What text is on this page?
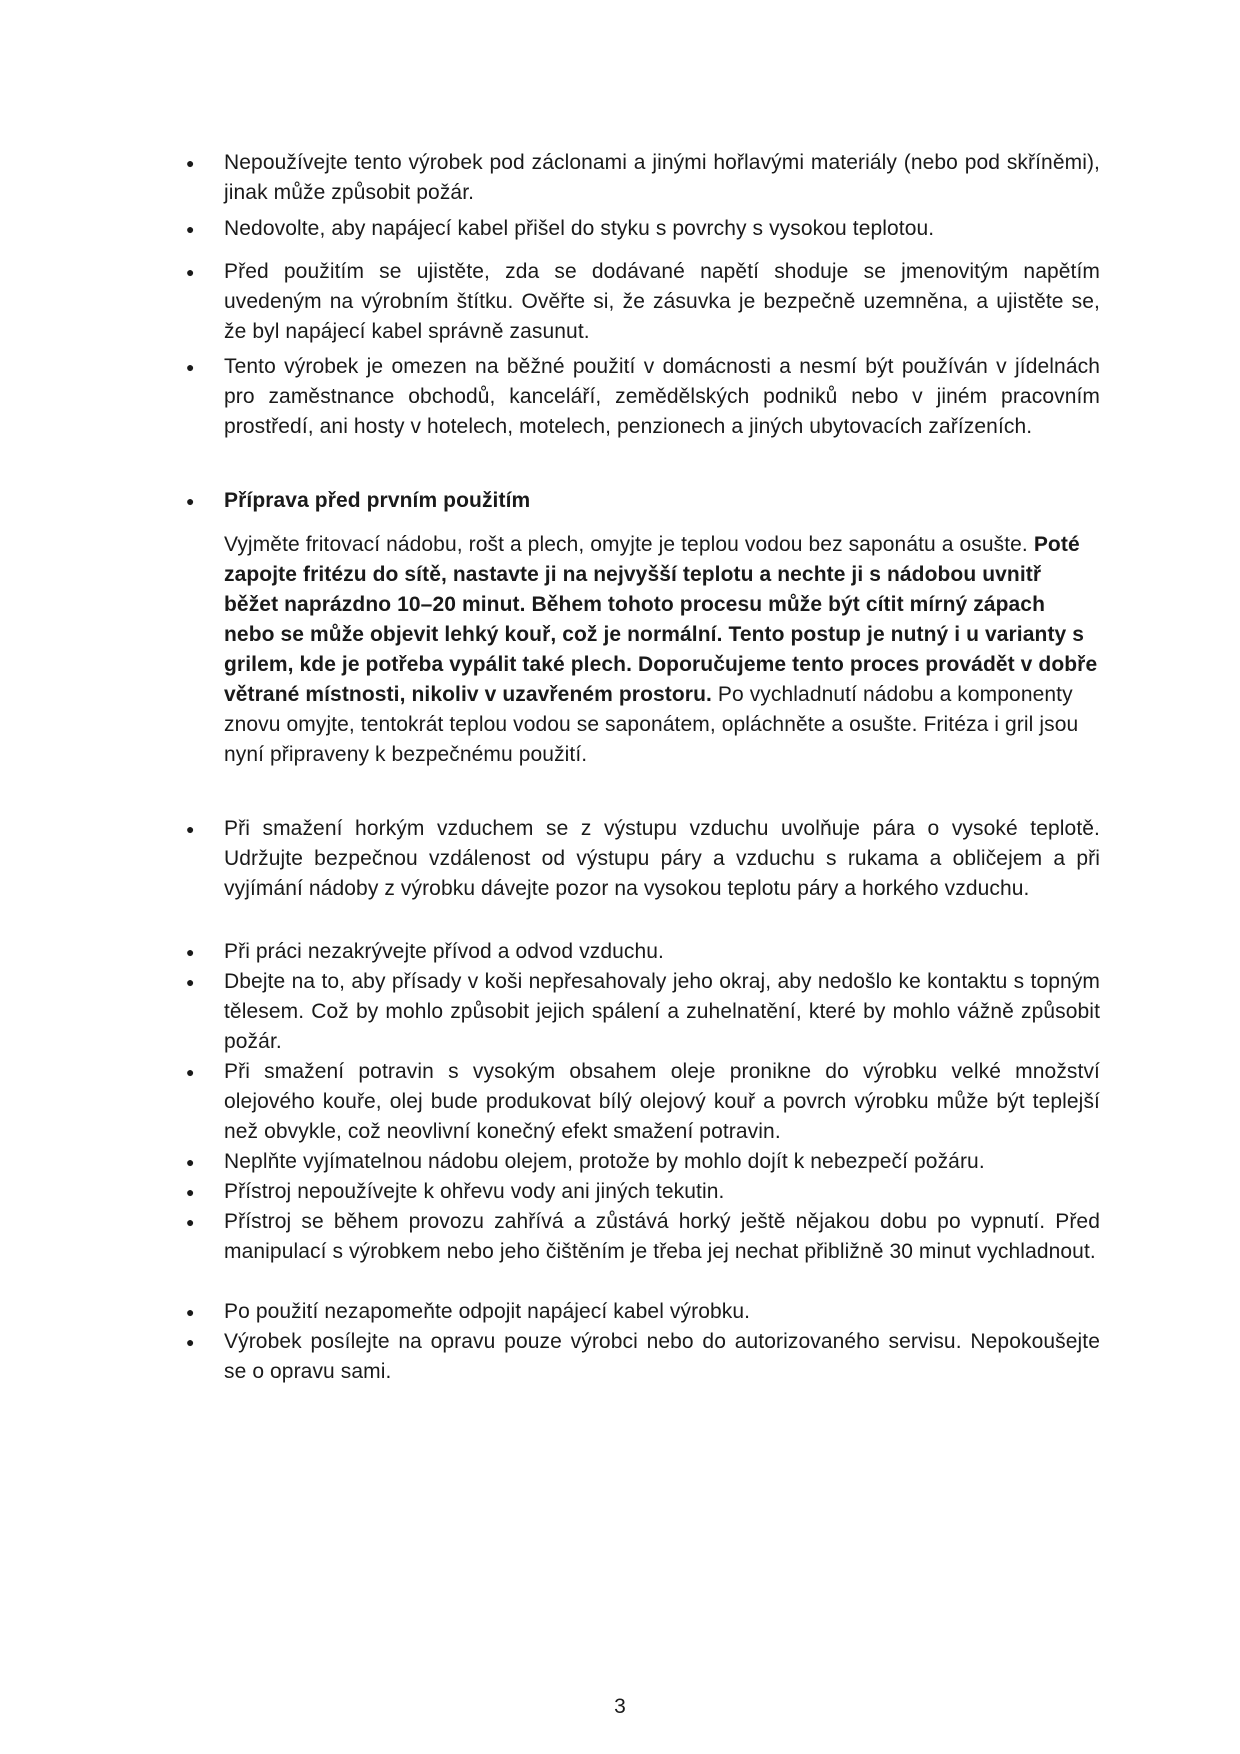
● Nepoužívejte tento výrobek pod záclonami a jinými hořlavými materiály (nebo pod skříněmi), jinak může způsobit požár.
● Nedovolte, aby napájecí kabel přišel do styku s povrchy s vysokou teplotou.
● Před použitím se ujistěte, zda se dodávané napětí shoduje se jmenovitým napětím uvedeným na výrobním štítku. Ověřte si, že zásuvka je bezpečně uzemněna, a ujistěte se, že byl napájecí kabel správně zasunut.
● Tento výrobek je omezen na běžné použití v domácnosti a nesmí být používán v jídelnách pro zaměstnance obchodů, kanceláří, zemědělských podniků nebo v jiném pracovním prostředí, ani hosty v hotelech, motelech, penzionech a jiných ubytovacích zařízeních.
● Příprava před prvním použitím
Vyjměte fritovací nádobu, rošt a plech, omyjte je teplou vodou bez saponátu a osušte. Poté zapojte fritézu do sítě, nastavte ji na nejvyšší teplotu a nechte ji s nádobou uvnitř běžet naprázdno 10–20 minut. Během tohoto procesu může být cítit mírný zápach nebo se může objevit lehký kouř, což je normální. Tento postup je nutný i u varianty s grilem, kde je potřeba vypálit také plech. Doporučujeme tento proces provádět v dobře větrané místnosti, nikoliv v uzavřeném prostoru. Po vychladnutí nádobu a komponenty znovu omyjte, tentokrát teplou vodou se saponátem, opláchněte a osušte. Fritéza i gril jsou nyní připraveny k bezpečnému použití.
● Při smažení horkým vzduchem se z výstupu vzduchu uvolňuje pára o vysoké teplotě. Udržujte bezpečnou vzdálenost od výstupu páry a vzduchu s rukama a obličejem a při vyjímání nádoby z výrobku dávejte pozor na vysokou teplotu páry a horkého vzduchu.
● Při práci nezakrývejte přívod a odvod vzduchu.
● Dbejte na to, aby přísady v koši nepřesahovaly jeho okraj, aby nedošlo ke kontaktu s topným tělesem. Což by mohlo způsobit jejich spálení a zuhelnatění, které by mohlo vážně způsobit požár.
● Při smažení potravin s vysokým obsahem oleje pronikne do výrobku velké množství olejového kouře, olej bude produkovat bílý olejový kouř a povrch výrobku může být teplejší než obvykle, což neovlivní konečný efekt smažení potravin.
● Neplňte vyjímatelnou nádobu olejem, protože by mohlo dojít k nebezpečí požáru.
● Přístroj nepoužívejte k ohřevu vody ani jiných tekutin.
● Přístroj se během provozu zahřívá a zůstává horký ještě nějakou dobu po vypnutí. Před manipulací s výrobkem nebo jeho čištěním je třeba jej nechat přibližně 30 minut vychladnout.
● Po použití nezapomeňte odpojit napájecí kabel výrobku.
● Výrobek posílejte na opravu pouze výrobci nebo do autorizovaného servisu. Nepokoušejte se o opravu sami.
3
